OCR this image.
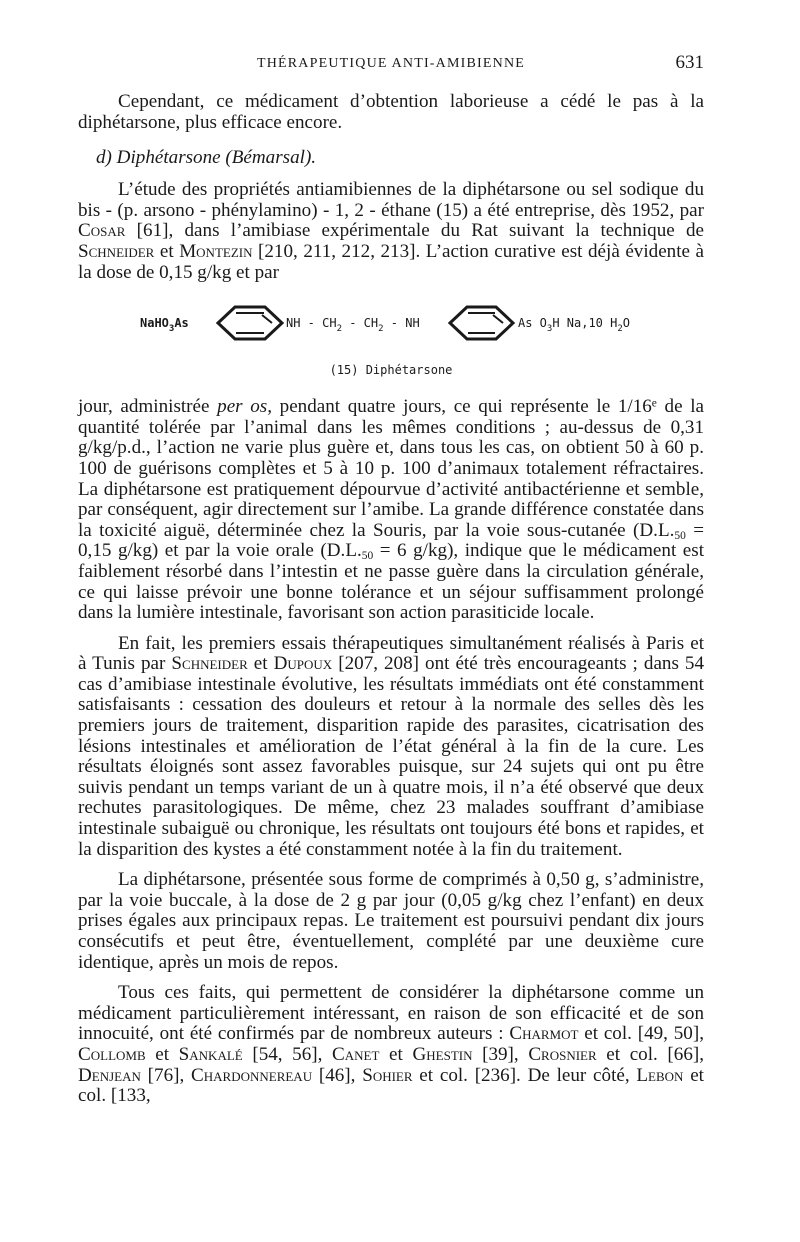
THÉRAPEUTIQUE ANTI-AMIBIENNE	631

Cependant, ce médicament d’obtention laborieuse a cédé le pas à la diphétarsone, plus efficace encore.

d) Diphétarsone (Bémarsal).

L’étude des propriétés antiamibiennes de la diphétarsone ou sel sodique du bis - (p. arsono - phénylamino) - 1, 2 - éthane (15) a été entreprise, dès 1952, par Cosar [61], dans l’amibiase expérimentale du Rat suivant la technique de Schneider et Montezin [210, 211, 212, 213]. L’action curative est déjà évidente à la dose de 0,15 g/kg et par

NaHO$_3$As	NH - $CH_2 - CH_2$ - NH	As $O_3H$ Na,10 $H_2O$
(15) Diphétarsone

jour, administrée per os, pendant quatre jours, ce qui représente le 1/16e de la quantité tolérée par l’animal dans les mêmes conditions ; au-dessus de 0,31 g/kg/p.d., l’action ne varie plus guère et, dans tous les cas, on obtient 50 à 60 p. 100 de guérisons complètes et 5 à 10 p. 100 d’animaux totalement réfractaires. La diphétarsone est pratiquement dépourvue d’activité antibactérienne et semble, par conséquent, agir directement sur l’amibe. La grande différence constatée dans la toxicité aiguë, déterminée chez la Souris, par la voie sous-cutanée ($D.L._{50} = 0,15$ g/kg) et par la voie orale ($D.L._{50} = 6$ g/kg), indique que le médicament est faiblement résorbé dans l’intestin et ne passe guère dans la circulation générale, ce qui laisse prévoir une bonne tolérance et un séjour suffisamment prolongé dans la lumière intestinale, favorisant son action parasiticide locale.

En fait, les premiers essais thérapeutiques simultanément réalisés à Paris et à Tunis par Schneider et Dupoux [207, 208] ont été très encourageants ; dans 54 cas d’amibiase intestinale évolutive, les résultats immédiats ont été constamment satisfaisants : cessation des douleurs et retour à la normale des selles dès les premiers jours de traitement, disparition rapide des parasites, cicatrisation des lésions intestinales et amélioration de l’état général à la fin de la cure. Les résultats éloignés sont assez favorables puisque, sur 24 sujets qui ont pu être suivis pendant un temps variant de un à quatre mois, il n’a été observé que deux rechutes parasitologiques. De même, chez 23 malades souffrant d’amibiase intestinale subaiguë ou chronique, les résultats ont toujours été bons et rapides, et la disparition des kystes a été constamment notée à la fin du traitement.

La diphétarsone, présentée sous forme de comprimés à 0,50 g, s’administre, par la voie buccale, à la dose de 2 g par jour (0,05 g/kg chez l’enfant) en deux prises égales aux principaux repas. Le traitement est poursuivi pendant dix jours consécutifs et peut être, éventuellement, complété par une deuxième cure identique, après un mois de repos.

Tous ces faits, qui permettent de considérer la diphétarsone comme un médicament particulièrement intéressant, en raison de son efficacité et de son innocuité, ont été confirmés par de nombreux auteurs : Charmot et col. [49, 50], Collomb et Sankalé [54, 56], Canet et Ghestin [39], Crosnier et col. [66], Denjean [76], Chardonnereau [46], Sohier et col. [236]. De leur côté, Lebon et col. [133,
